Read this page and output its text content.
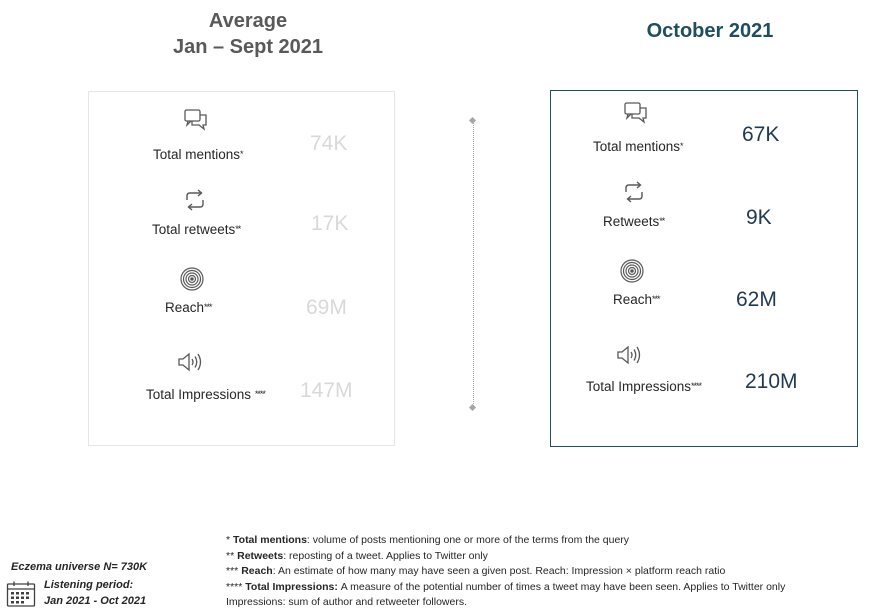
Average
Jan – Sept 2021
October 2021
Total mentions*	74K
Total retweets**	17K
Reach***	69M
Total Impressions **** 147M
Total mentions*	67K
Retweets**	9K
Reach***	62M
Total Impressions**** 210M
* Total mentions: volume of posts mentioning one or more of the terms from the query
** Retweets: reposting of a tweet. Applies to Twitter only
*** Reach: An estimate of how many may have seen a given post. Reach: Impression × platform reach ratio
**** Total Impressions: A measure of the potential number of times a tweet may have been seen. Applies to Twitter only
Impressions: sum of author and retweeter followers.
Eczema universe N= 730K
Listening period:
Jan 2021 - Oct 2021
